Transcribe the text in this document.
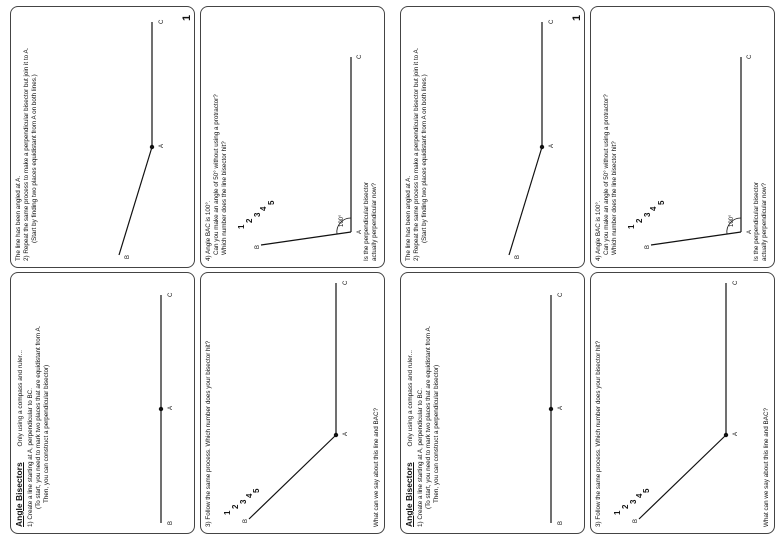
Angle Bisectors Only using a compass and ruler... 1) Create a line starting at A, perpendicular to BC. (To start, you need to mark two places that are equidistant from A. Then, you can construct a perpendicular bisector)
B
A
C
The line has been angled at A. 2) Repeat the same process to make a perpendicular bisector but join it to A. (Start by finding two places equidistant from A on both lines.)
B
A
C
1
3) Follow the same process. Which number does your bisector hit? 1
2
3
4
5
B
A
C
What can we say about this line and BAC?
4) Angle BAC is 100°. Can you make an angle of 50° without using a protractor? Which number does the line bisector hit? 1
2
3
4
5
100°
B
A
C
Is the perpendicular bisector actually perpendicular now?
Angle Bisectors Only using a compass and ruler... 1) Create a line starting at A, perpendicular to BC. (To start, you need to mark two places that are equidistant from A. Then, you can construct a perpendicular bisector)
B
A
C
The line has been angled at A. 2) Repeat the same process to make a perpendicular bisector but join it to A. (Start by finding two places equidistant from A on both lines.)
B
A
C
1
3) Follow the same process. Which number does your bisector hit? 1
2
3
4
5
B
A
C
What can we say about this line and BAC?
4) Angle BAC is 100°. Can you make an angle of 50° without using a protractor? Which number does the line bisector hit? 1
2
3
4
5
100°
B
A
C
Is the perpendicular bisector actually perpendicular now?
